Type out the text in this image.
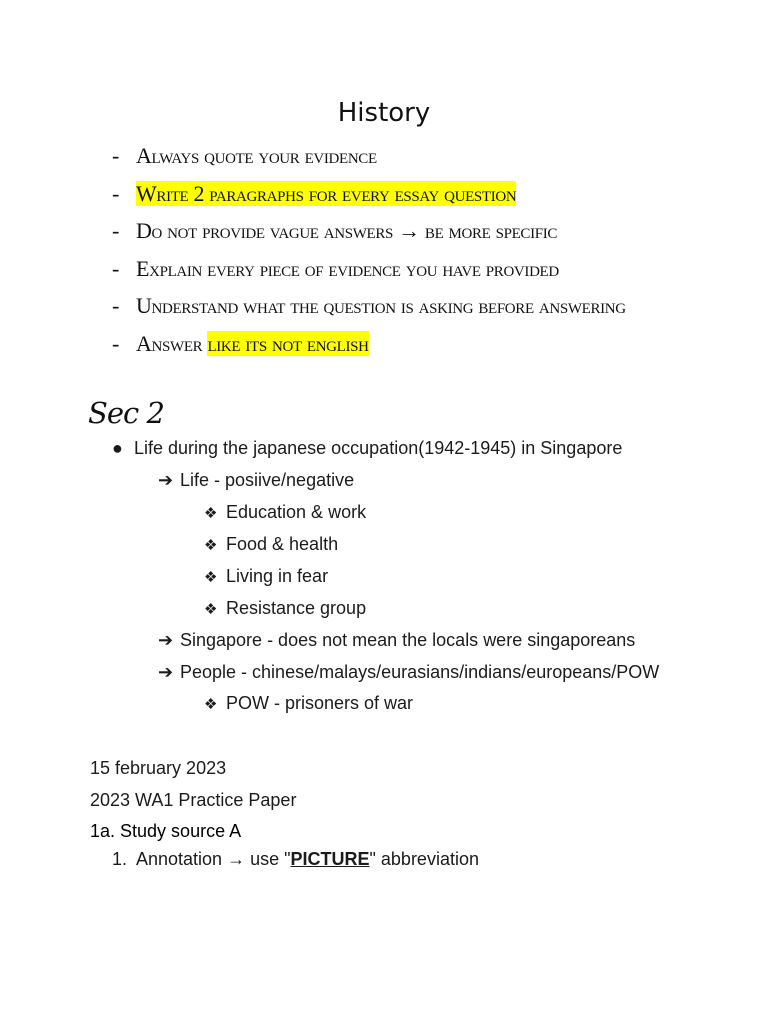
History
- Always quote your evidence
- Write 2 paragraphs for every essay question
- Do not provide vague answers → be more specific
- Explain every piece of evidence you have provided
- Understand what the question is asking before answering
- Answer like its not english
Sec 2
● Life during the japanese occupation(1942-1945) in Singapore
➔ Life - posiive/negative
❖ Education & work
❖ Food & health
❖ Living in fear
❖ Resistance group
➔ Singapore - does not mean the locals were singaporeans
➔ People - chinese/malays/eurasians/indians/europeans/POW
❖ POW - prisoners of war
15 february 2023
2023 WA1 Practice Paper
1a. Study source A
1. Annotation → use "PICTURE" abbreviation
